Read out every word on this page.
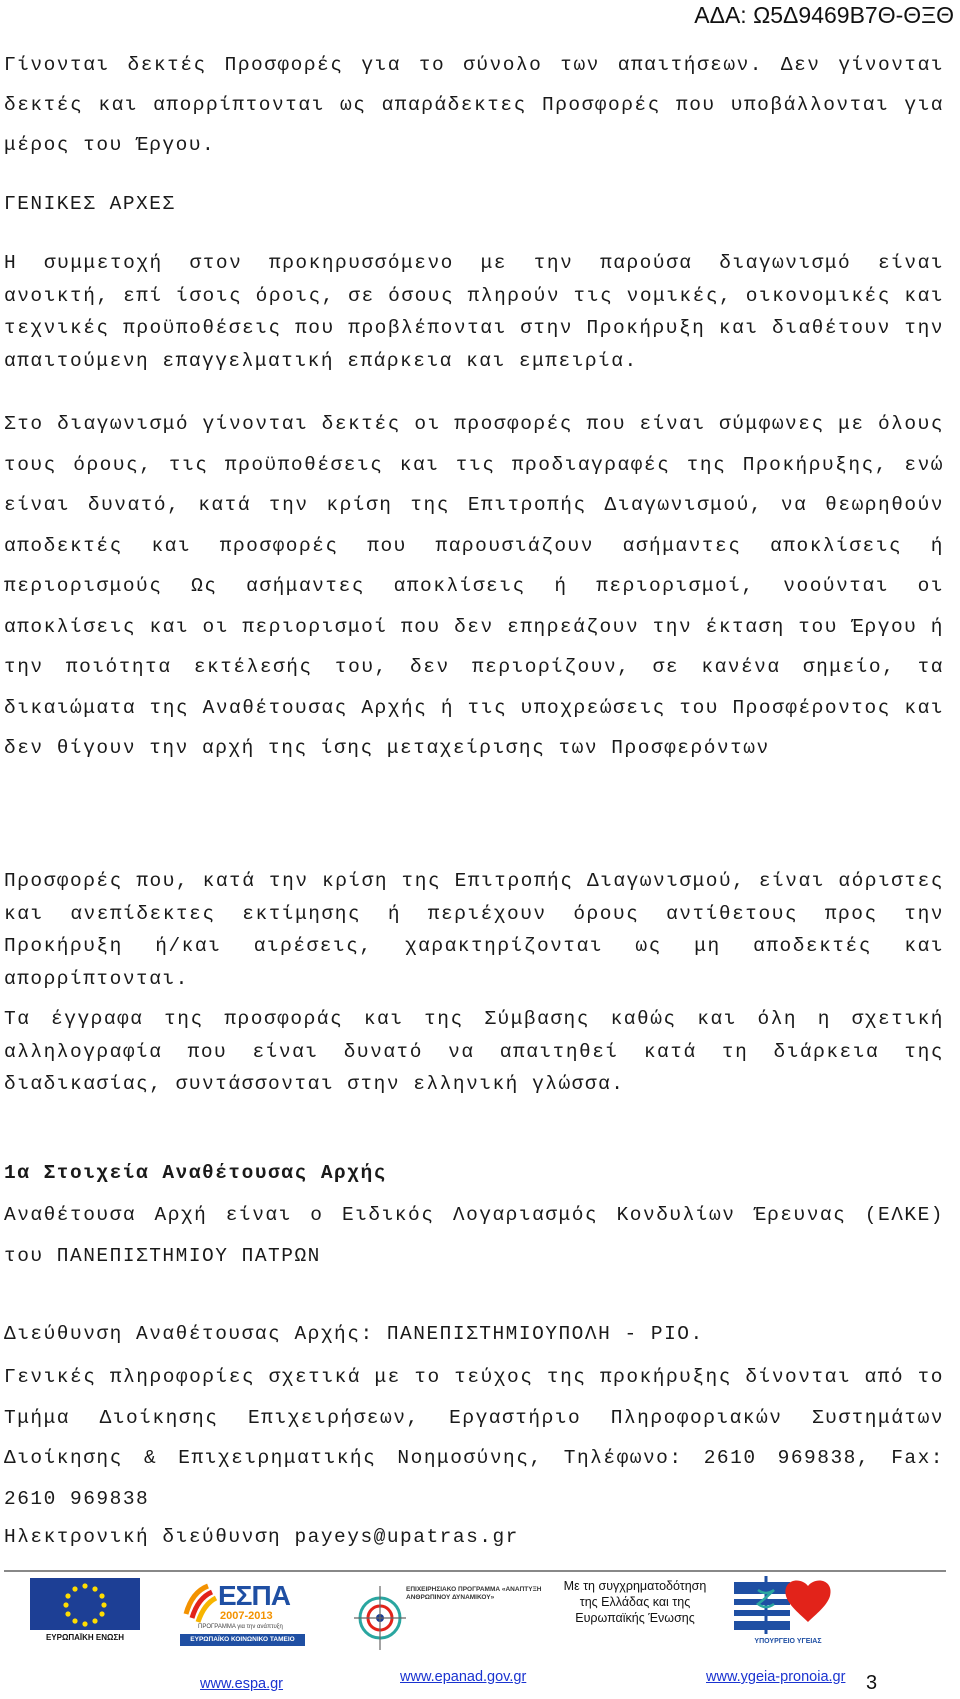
ΑΔΑ: Ω5Δ9469Β7Θ-ΘΞΘ

Γίνονται δεκτές Προσφορές για το σύνολο των απαιτήσεων. Δεν γίνονται δεκτές και απορρίπτονται ως απαράδεκτες Προσφορές που υποβάλλονται για μέρος του Έργου.

ΓΕΝΙΚΕΣ ΑΡΧΕΣ

Η συμμετοχή στον προκηρυσσόμενο με την παρούσα διαγωνισμό είναι ανοικτή, επί ίσοις όροις, σε όσους πληρούν τις νομικές, οικονομικές και τεχνικές προϋποθέσεις που προβλέπονται στην Προκήρυξη και διαθέτουν την απαιτούμενη επαγγελματική επάρκεια και εμπειρία.

Στο διαγωνισμό γίνονται δεκτές οι προσφορές που είναι σύμφωνες με όλους τους όρους, τις προϋποθέσεις και τις προδιαγραφές της Προκήρυξης, ενώ είναι δυνατό, κατά την κρίση της Επιτροπής Διαγωνισμού, να θεωρηθούν αποδεκτές και προσφορές που παρουσιάζουν ασήμαντες αποκλίσεις ή περιορισμούς Ως ασήμαντες αποκλίσεις ή περιορισμοί, νοούνται οι αποκλίσεις και οι περιορισμοί που δεν επηρεάζουν την έκταση του Έργου ή την ποιότητα εκτέλεσής του, δεν περιορίζουν, σε κανένα σημείο, τα δικαιώματα της Αναθέτουσας Αρχής ή τις υποχρεώσεις του Προσφέροντος και δεν θίγουν την αρχή της ίσης μεταχείρισης των Προσφερόντων

Προσφορές που, κατά την κρίση της Επιτροπής Διαγωνισμού, είναι αόριστες και ανεπίδεκτες εκτίμησης ή περιέχουν όρους αντίθετους προς την Προκήρυξη ή/και αιρέσεις, χαρακτηρίζονται ως μη αποδεκτές και απορρίπτονται.

Τα έγγραφα της προσφοράς και της Σύμβασης καθώς και όλη η σχετική αλληλογραφία που είναι δυνατό να απαιτηθεί κατά τη διάρκεια της διαδικασίας, συντάσσονται στην ελληνική γλώσσα.

1α Στοιχεία Αναθέτουσας Αρχής

Αναθέτουσα Αρχή είναι ο Ειδικός Λογαριασμός Κονδυλίων Έρευνας (ΕΛΚΕ) του ΠΑΝΕΠΙΣΤΗΜΙΟΥ ΠΑΤΡΩΝ

Διεύθυνση Αναθέτουσας Αρχής: ΠΑΝΕΠΙΣΤΗΜΙΟΥΠΟΛΗ - ΡΙΟ.

Γενικές πληροφορίες σχετικά με το τεύχος της προκήρυξης δίνονται από το Τμήμα Διοίκησης Επιχειρήσεων, Εργαστήριο Πληροφοριακών Συστημάτων Διοίκησης & Επιχειρηματικής Νοημοσύνης, Τηλέφωνο: 2610 969838, Fax: 2610 969838

Ηλεκτρονική διεύθυνση payeys@upatras.gr

ΕΥΡΩΠΑΪΚΗ ΕΝΩΣΗ
ΕΣΠΑ
2007-2013
ΠΡΟΓΡΑΜΜΑ για την ανάπτυξη
ΕΥΡΩΠΑΪΚΟ ΚΟΙΝΩΝΙΚΟ ΤΑΜΕΙΟ
ΕΠΙΧΕΙΡΗΣΙΑΚΟ ΠΡΟΓΡΑΜΜΑ «ΑΝΑΠΤΥΞΗ ΑΝΘΡΩΠΙΝΟΥ ΔΥΝΑΜΙΚΟΥ»
Με τη συγχρηματοδότηση της Ελλάδας και της Ευρωπαϊκής Ένωσης
ΥΠΟΥΡΓΕΙΟ ΥΓΕΙΑΣ
www.espa.gr	www.epanad.gov.gr	www.ygeia-pronoia.gr 3
